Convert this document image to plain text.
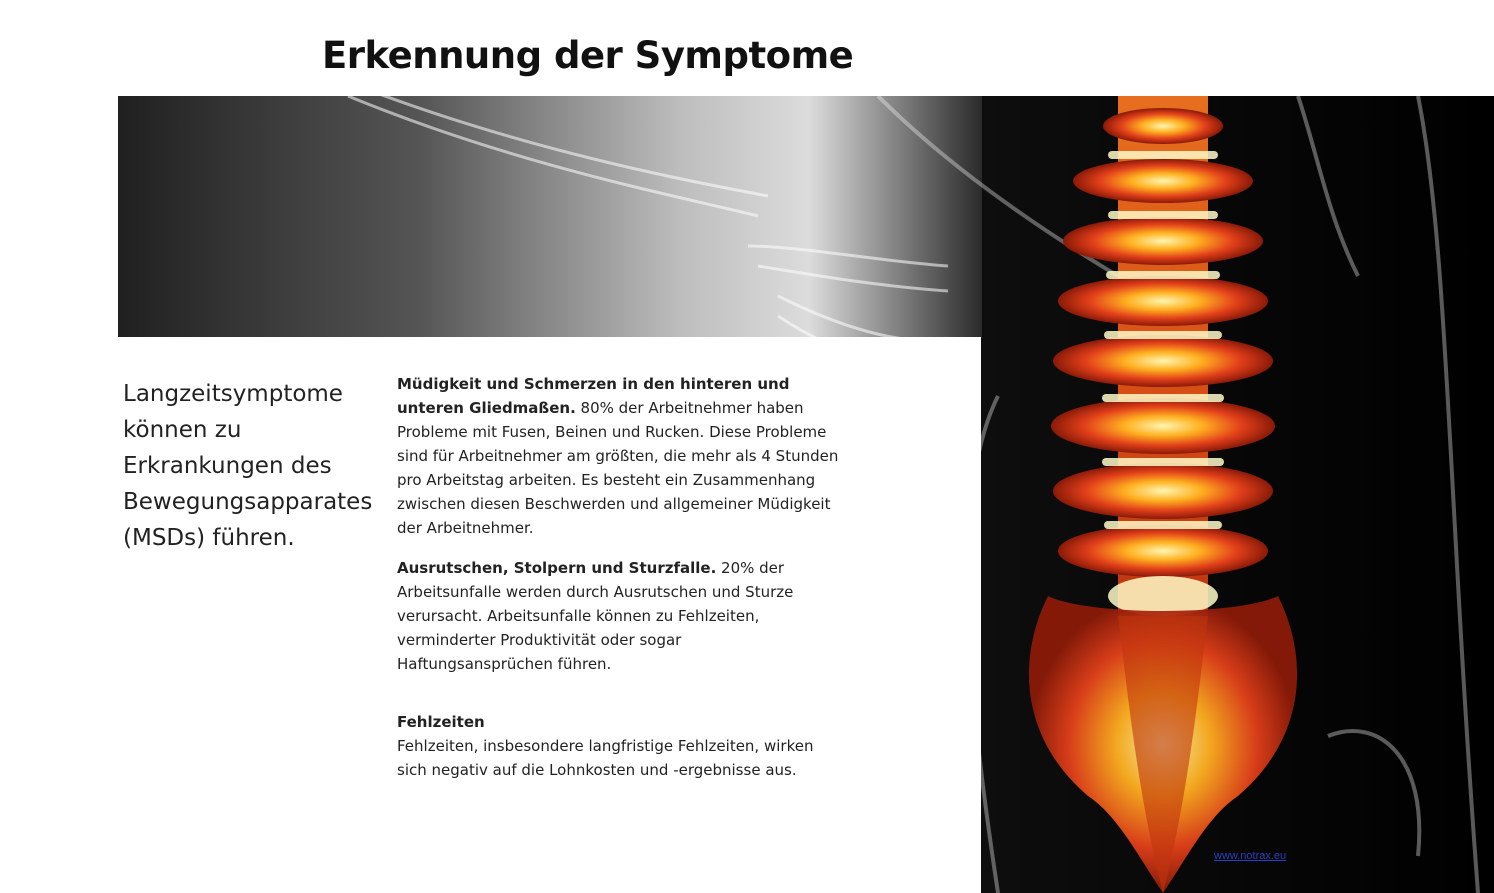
Erkennung der Symptome
Langzeitsymptome können zu Erkrankungen des Bewegungsapparates (MSDs) führen.
Müdigkeit und Schmerzen in den hinteren und unteren Gliedmaßen. 80% der Arbeitnehmer haben Probleme mit Fusen, Beinen und Rucken. Diese Probleme sind für Arbeitnehmer am größten, die mehr als 4 Stunden pro Arbeitstag arbeiten. Es besteht ein Zusammenhang zwischen diesen Beschwerden und allgemeiner Müdigkeit der Arbeitnehmer.
Ausrutschen, Stolpern und Sturzfalle. 20% der Arbeitsunfalle werden durch Ausrutschen und Sturze verursacht. Arbeitsunfalle können zu Fehlzeiten, verminderter Produktivität oder sogar Haftungsansprüchen führen.
Fehlzeiten
Fehlzeiten, insbesondere langfristige Fehlzeiten, wirken sich negativ auf die Lohnkosten und -ergebnisse aus.
www.notrax.eu
